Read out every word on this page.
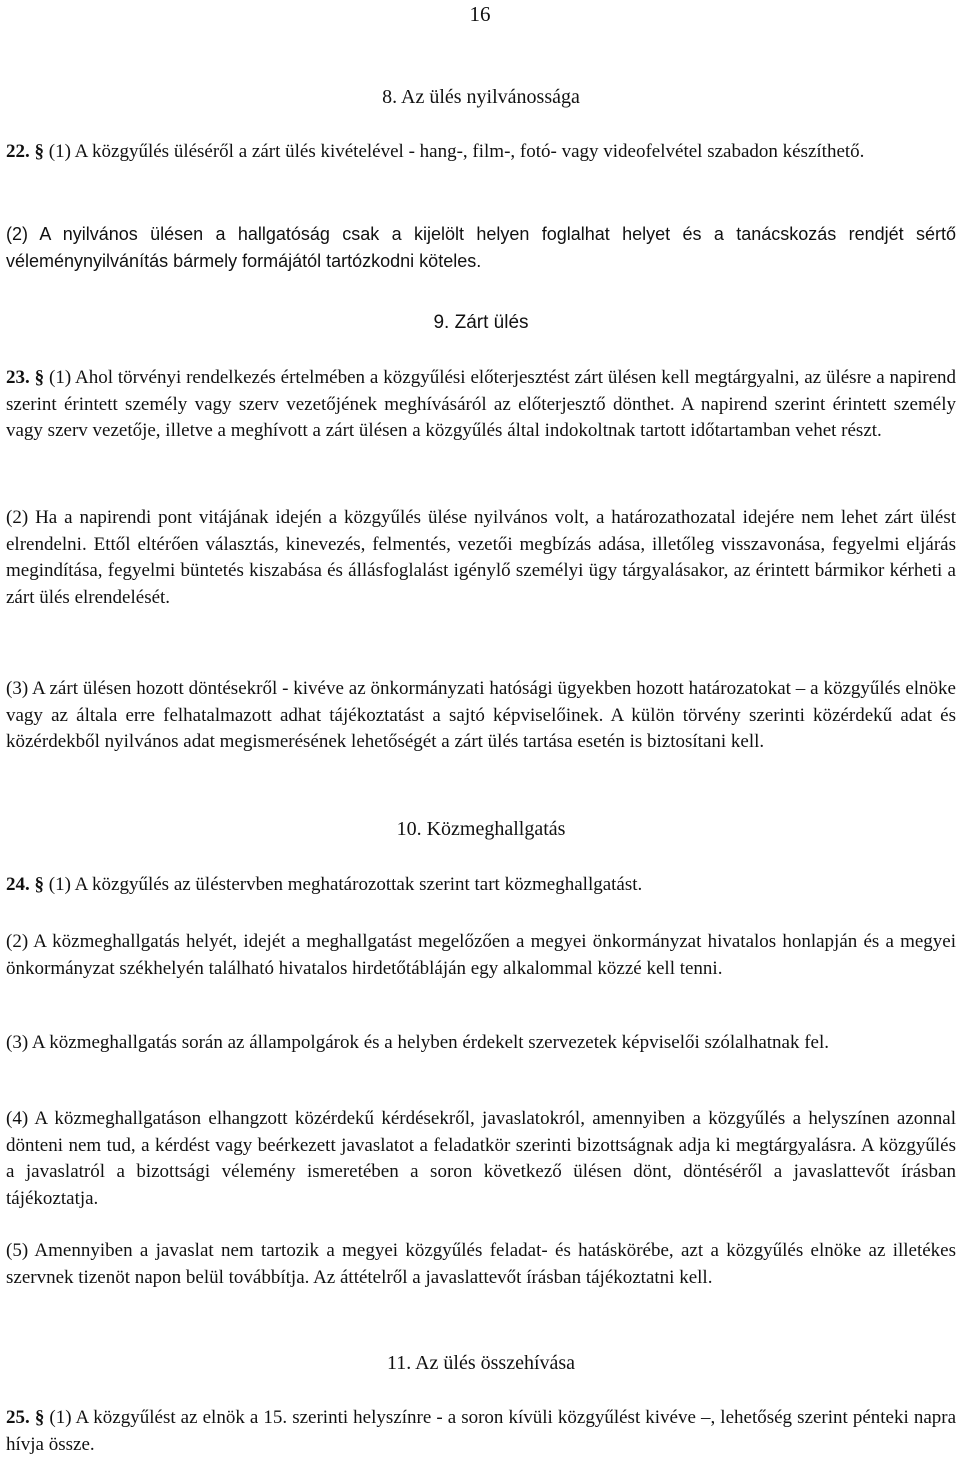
16
8. Az ülés nyilvánossága

22. § (1) A közgyűlés üléséről a zárt ülés kivételével - hang-, film-, fotó- vagy videofelvétel szabadon készíthető.

(2) A nyilvános ülésen a hallgatóság csak a kijelölt helyen foglalhat helyet és a tanácskozás rendjét sértő véleménynyilvánítás bármely formájától tartózkodni köteles.

9. Zárt ülés

23. § (1) Ahol törvényi rendelkezés értelmében a közgyűlési előterjesztést zárt ülésen kell megtárgyalni, az ülésre a napirend szerint érintett személy vagy szerv vezetőjének meghívásáról az előterjesztő dönthet. A napirend szerint érintett személy vagy szerv vezetője, illetve a meghívott a zárt ülésen a közgyűlés által indokoltnak tartott időtartamban vehet részt.

(2) Ha a napirendi pont vitájának idején a közgyűlés ülése nyilvános volt, a határozathozatal idejére nem lehet zárt ülést elrendelni. Ettől eltérően választás, kinevezés, felmentés, vezetői megbízás adása, illetőleg visszavonása, fegyelmi eljárás megindítása, fegyelmi büntetés kiszabása és állásfoglalást igénylő személyi ügy tárgyalásakor, az érintett bármikor kérheti a zárt ülés elrendelését.

(3) A zárt ülésen hozott döntésekről - kivéve az önkormányzati hatósági ügyekben hozott határozatokat – a közgyűlés elnöke vagy az általa erre felhatalmazott adhat tájékoztatást a sajtó képviselőinek. A külön törvény szerinti közérdekű adat és közérdekből nyilvános adat megismerésének lehetőségét a zárt ülés tartása esetén is biztosítani kell.

10. Közmeghallgatás

24. § (1) A közgyűlés az üléstervben meghatározottak szerint tart közmeghallgatást.

(2) A közmeghallgatás helyét, idejét a meghallgatást megelőzően a megyei önkormányzat hivatalos honlapján és a megyei önkormányzat székhelyén található hivatalos hirdetőtábláján egy alkalommal közzé kell tenni.

(3) A közmeghallgatás során az állampolgárok és a helyben érdekelt szervezetek képviselői szólalhatnak fel.

(4) A közmeghallgatáson elhangzott közérdekű kérdésekről, javaslatokról, amennyiben a közgyűlés a helyszínen azonnal dönteni nem tud, a kérdést vagy beérkezett javaslatot a feladatkör szerinti bizottságnak adja ki megtárgyalásra. A közgyűlés a javaslatról a bizottsági vélemény ismeretében a soron következő ülésen dönt, döntéséről a javaslattevőt írásban tájékoztatja.

(5) Amennyiben a javaslat nem tartozik a megyei közgyűlés feladat- és hatáskörébe, azt a közgyűlés elnöke az illetékes szervnek tizenöt napon belül továbbítja. Az áttételről a javaslattevőt írásban tájékoztatni kell.

11. Az ülés összehívása

25. § (1) A közgyűlést az elnök a 15. szerinti helyszínre - a soron kívüli közgyűlést kivéve –, lehetőség szerint pénteki napra hívja össze.
